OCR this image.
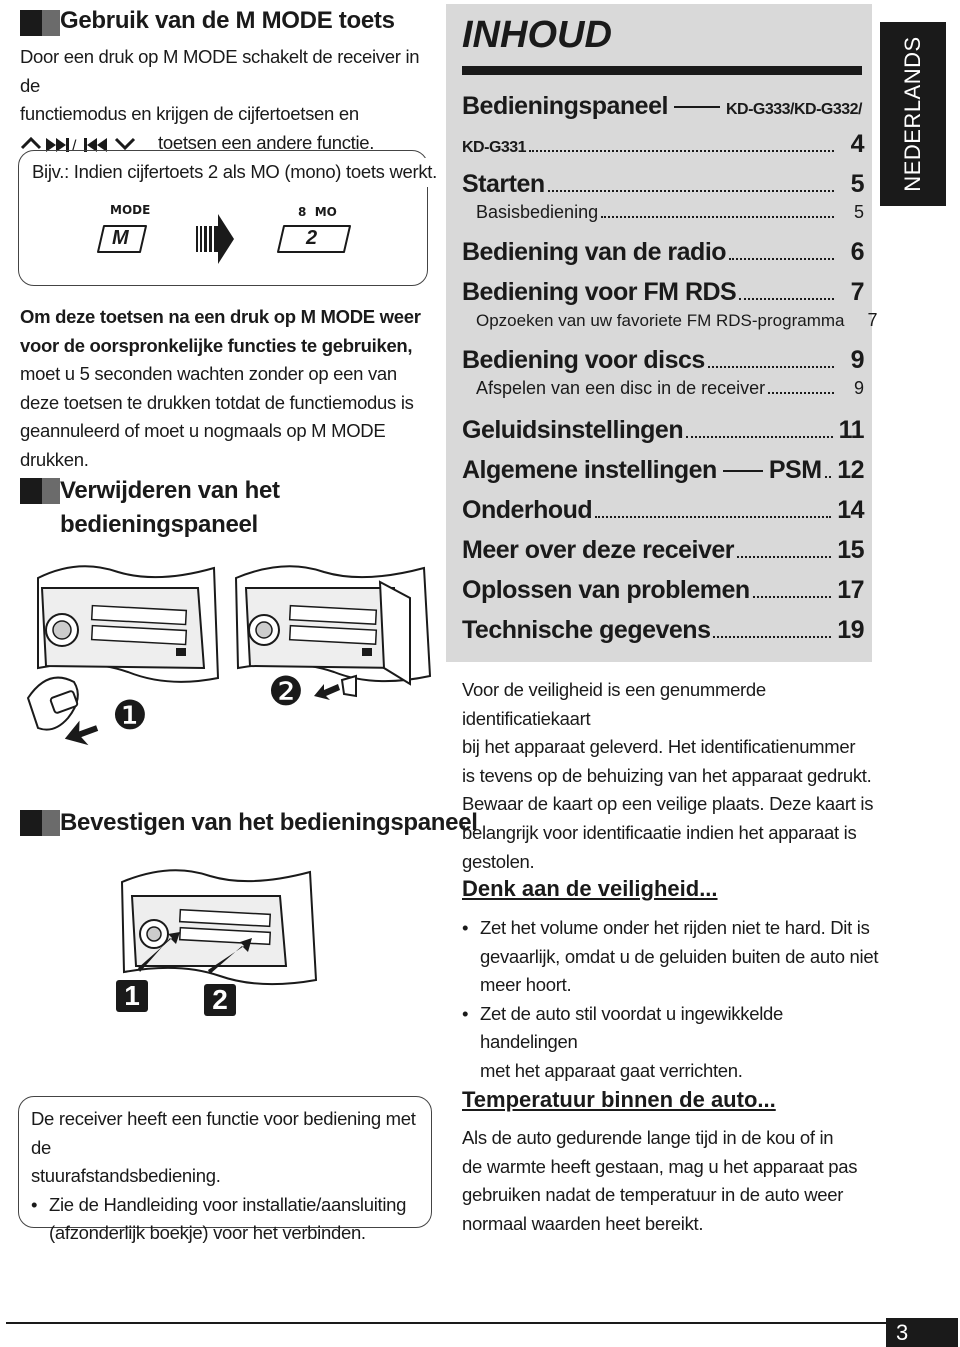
Gebruik van de M MODE toets
Door een druk op M MODE schakelt de receiver in de
functiemodus en krijgen de cijfertoetsen en
/	toetsen een andere functie.
Bijv.: Indien cijfertoets 2 als MO (mono) toets werkt.
MODE
M
8  MO
2
Om deze toetsen na een druk op M MODE weer
voor de oorspronkelijke functies te gebruiken,
moet u 5 seconden wachten zonder op een van
deze toetsen te drukken totdat de functiemodus is
geannuleerd of moet u nogmaals op M MODE drukken.
Verwijderen van het
bedieningspaneel
❶
❷
Bevestigen van het bedieningspaneel
1	2
De receiver heeft een functie voor bediening met de
stuurafstandsbediening.
• Zie de Handleiding voor installatie/aansluiting
(afzonderlijk boekje) voor het verbinden.
INHOUD
Bedieningspaneel	KD-G333/KD-G332/
KD-G331	4
Starten	5
Basisbediening	5
Bediening van de radio	6
Bediening voor FM RDS	7
Opzoeken van uw favoriete FM RDS-programma	7
Bediening voor discs	9
Afspelen van een disc in de receiver	9
Geluidsinstellingen	11
Algemene instellingen PSM 12
Onderhoud	14
Meer over deze receiver	15
Oplossen van problemen	17
Technische gegevens	19
NEDERLANDS
Voor de veiligheid is een genummerde identificatiekaart
bij het apparaat geleverd. Het identificatienummer
is tevens op de behuizing van het apparaat gedrukt.
Bewaar de kaart op een veilige plaats. Deze kaart is
belangrijk voor identificaatie indien het apparaat is
gestolen.
Denk aan de veiligheid...
• Zet het volume onder het rijden niet te hard. Dit is
gevaarlijk, omdat u de geluiden buiten de auto niet
meer hoort.
• Zet de auto stil voordat u ingewikkelde handelingen
met het apparaat gaat verrichten.
Temperatuur binnen de auto...
Als de auto gedurende lange tijd in de kou of in
de warmte heeft gestaan, mag u het apparaat pas
gebruiken nadat de temperatuur in de auto weer
normaal waarden heet bereikt.
3
